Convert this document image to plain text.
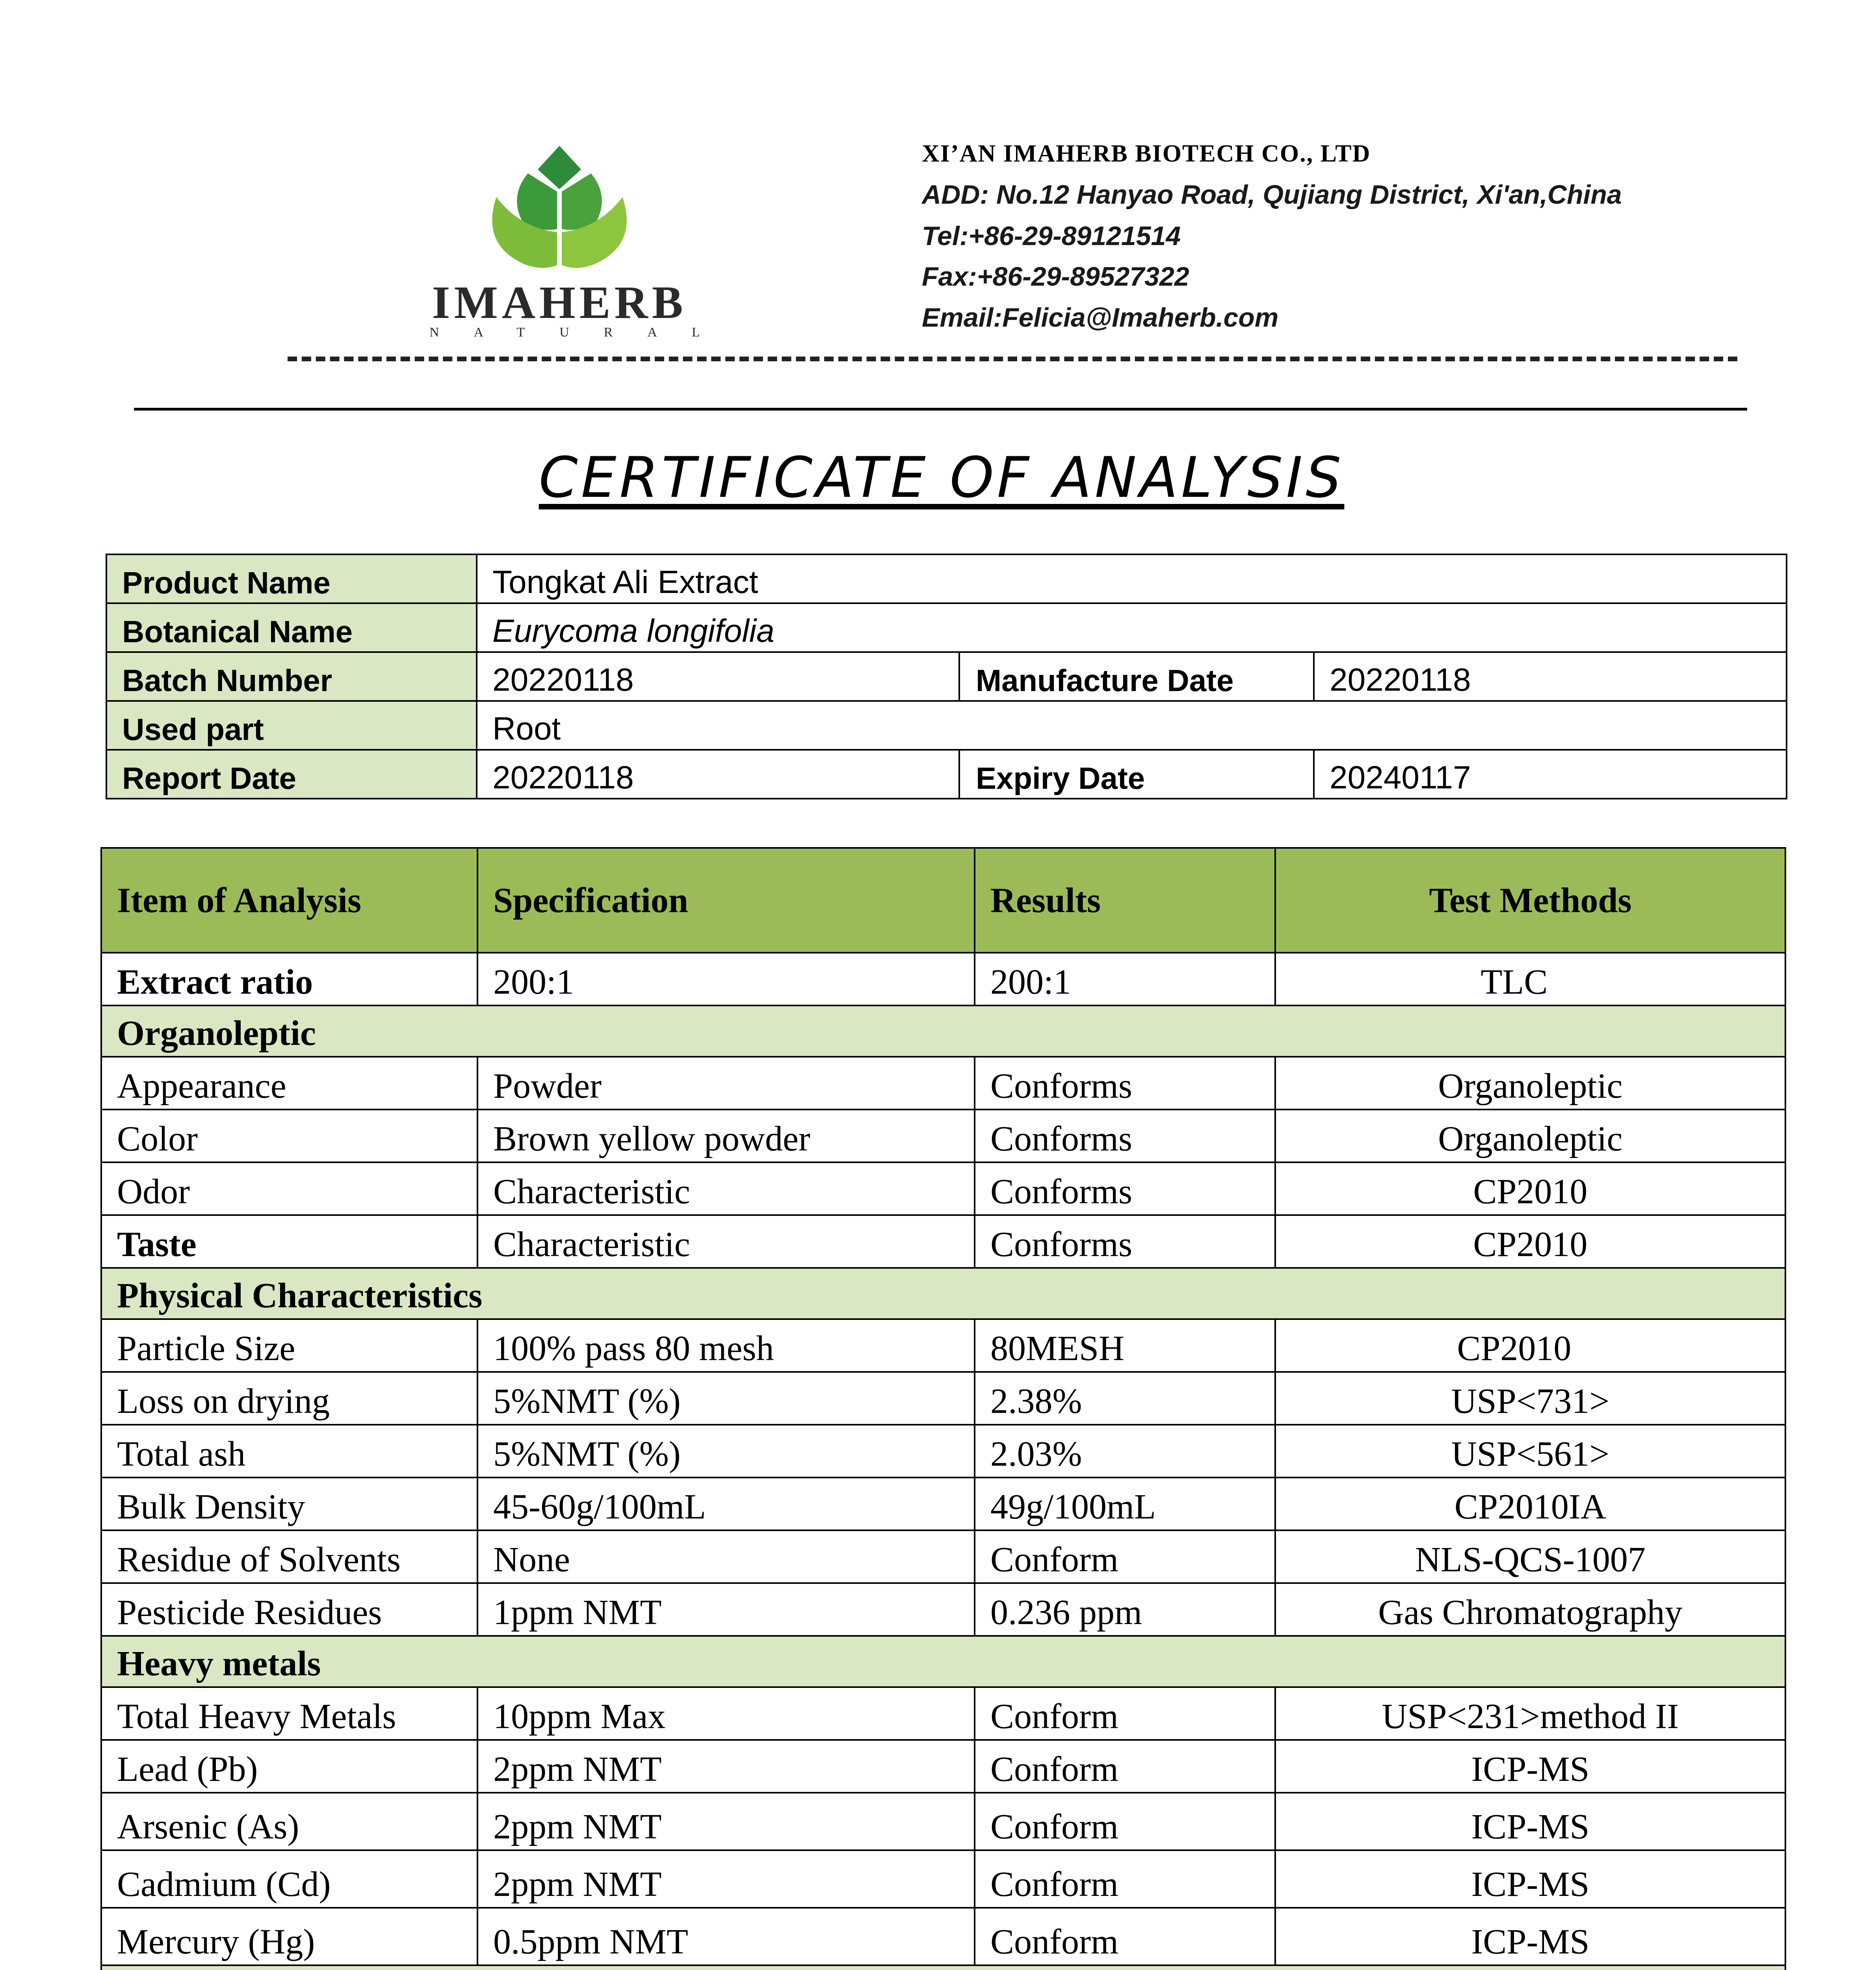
IMAHERB
NATURAL
XI’AN IMAHERB BIOTECH CO., LTD
ADD: No.12 Hanyao Road, Qujiang District, Xi'an,China
Tel:+86-29-89121514
Fax:+86-29-89527322
Email:Felicia@Imaherb.com
CERTIFICATE OF ANALYSIS
Product Name	Tongkat Ali Extract		
Botanical Name	Eurycoma longifolia		
Batch Number	20220118	Manufacture Date	20220118
Used part	Root		
Report Date	20220118	Expiry Date	20240117
Item of Analysis	Specification	Results	Test Methods
Extract ratio	200:1	200:1	TLC
Organoleptic			
Appearance	Powder	Conforms	Organoleptic
Color	Brown yellow powder	Conforms	Organoleptic
Odor	Characteristic	Conforms	CP2010
Taste	Characteristic	Conforms	CP2010
Physical Characteristics			
Particle Size	100% pass 80 mesh	80MESH	CP2010
Loss on drying	5%NMT (%)	2.38%	USP<731>
Total ash	5%NMT (%)	2.03%	USP<561>
Bulk Density	45-60g/100mL	49g/100mL	CP2010IA
Residue of Solvents	None	Conform	NLS-QCS-1007
Pesticide Residues	1ppm NMT	0.236 ppm	Gas Chromatography
Heavy metals			
Total Heavy Metals	10ppm Max	Conform	USP<231>method II
Lead (Pb)	2ppm NMT	Conform	ICP-MS
Arsenic (As)	2ppm NMT	Conform	ICP-MS
Cadmium (Cd)	2ppm NMT	Conform	ICP-MS
Mercury (Hg)	0.5ppm NMT	Conform	ICP-MS
